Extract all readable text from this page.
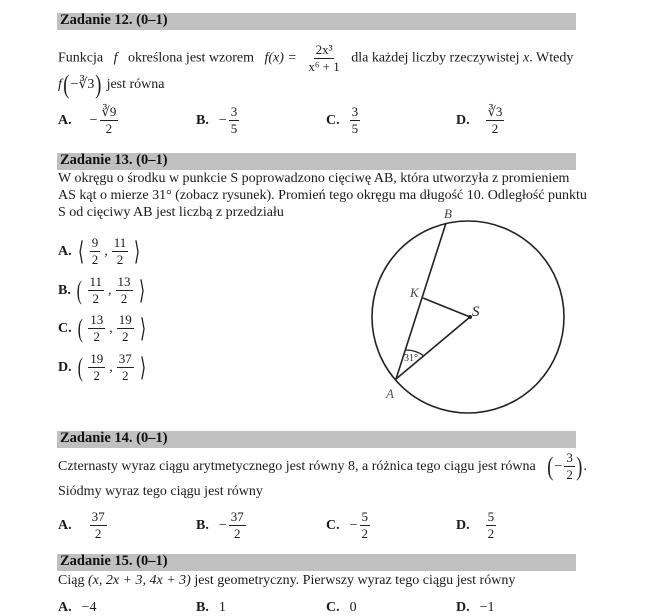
Zadanie 12. (0–1)
Funkcja f określona jest wzorem $f(x) = \frac{\text{2x³}}{\text{x⁶ + 1}}$ dla każdej liczby rzeczywistej x. Wtedy
f(−∛3) jest równa
A. − $\frac{∛9}{2}$	B. − $\frac{3}{5}$	C. $\frac{3}{5}$	D. $\frac{∛3}{2}$
Zadanie 13. (0–1)
W okręgu o środku w punkcie S poprowadzono cięciwę AB, która utworzyła z promieniem
AS kąt o mierze 31° (zobacz rysunek). Promień tego okręgu ma długość 10. Odległość punktu
S od cięciwy AB jest liczbą z przedziału
A. ⟨ $\frac{9}{2}$ , $\frac{11}{2}$ ⟩
B. ( $\frac{11}{2}$ , $\frac{13}{2}$ ⟩
C. ( $\frac{13}{2}$ , $\frac{19}{2}$ ⟩
D. ( $\frac{19}{2}$ , $\frac{37}{2}$ ⟩	31°
B
K
S
A
Zadanie 14. (0–1)
Czternasty wyraz ciągu arytmetycznego jest równy 8, a różnica tego ciągu jest równa ( − $\frac{3}{2}$ ) .
Siódmy wyraz tego ciągu jest równy
A. $\frac{37}{2}$	B. − $\frac{37}{2}$	C. − $\frac{5}{2}$	D. $\frac{5}{2}$
Zadanie 15. (0–1)
Ciąg (x, 2x + 3, 4x + 3) jest geometryczny. Pierwszy wyraz tego ciągu jest równy
A. −4	B. 1	C. 0	D. −1
